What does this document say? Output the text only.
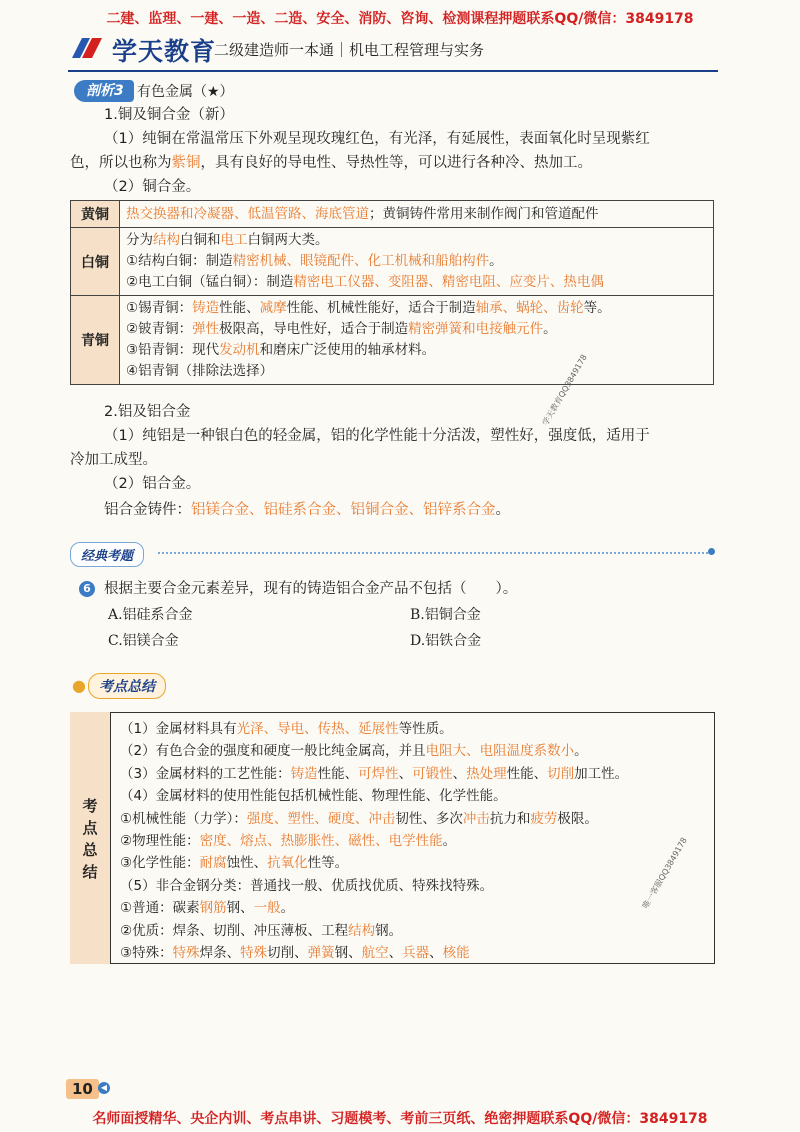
二建、监理、一建、一造、二造、安全、消防、咨询、检测课程押题联系QQ/微信：3849178
学天教育
二级建造师一本通｜机电工程管理与实务
剖析3 有色金属（★）
1.铜及铜合金（新）
（1）纯铜在常温常压下外观呈现玫瑰红色，有光泽，有延展性，表面氧化时呈现紫红
色，所以也称为紫铜，具有良好的导电性、导热性等，可以进行各种冷、热加工。
（2）铜合金。
黄铜	热交换器和冷凝器、低温管路、海底管道；黄铜铸件常用来制作阀门和管道配件

白铜	分为结构白铜和电工白铜两大类。
①结构白铜：制造精密机械、眼镜配件、化工机械和船舶构件。
②电工白铜（锰白铜）：制造精密电工仪器、变阻器、精密电阻、应变片、热电偶

青铜	①锡青铜：铸造性能、减摩性能、机械性能好，适合于制造轴承、蜗轮、齿轮等。
②铍青铜：弹性极限高，导电性好，适合于制造精密弹簧和电接触元件。
③铅青铜：现代发动机和磨床广泛使用的轴承材料。
④铝青铜（排除法选择）	学天教育QQ3849178
2.铝及铝合金
（1）纯铝是一种银白色的轻金属，铝的化学性能十分活泼，塑性好，强度低，适用于
冷加工成型。
（2）铝合金。
铝合金铸件：铝镁合金、铝硅系合金、铝铜合金、铝锌系合金。
经典考题
6 根据主要合金元素差异，现有的铸造铝合金产品不包括（　　）。
A.铝硅系合金	B.铝铜合金
C.铝镁合金	D.铝铁合金
● 考点总结
考点总结
（1）金属材料具有光泽、导电、传热、延展性等性质。
（2）有色合金的强度和硬度一般比纯金属高，并且电阻大、电阻温度系数小。
（3）金属材料的工艺性能：铸造性能、可焊性、可锻性、热处理性能、切削加工性。
（4）金属材料的使用性能包括机械性能、物理性能、化学性能。
①机械性能（力学）：强度、塑性、硬度、冲击韧性、多次冲击抗力和疲劳极限。
②物理性能：密度、熔点、热膨胀性、磁性、电学性能。
③化学性能：耐腐蚀性、抗氧化性等。
（5）非合金钢分类：普通找一般、优质找优质、特殊找特殊。
①普通：碳素钢筋钢、一般。
②优质：焊条、切削、冲压薄板、工程结构钢。
③特殊：特殊焊条、特殊切削、弹簧钢、航空、兵器、核能
唯一客服QQ3849178
10	◀
名师面授精华、央企内训、考点串讲、习题模考、考前三页纸、绝密押题联系QQ/微信：3849178
